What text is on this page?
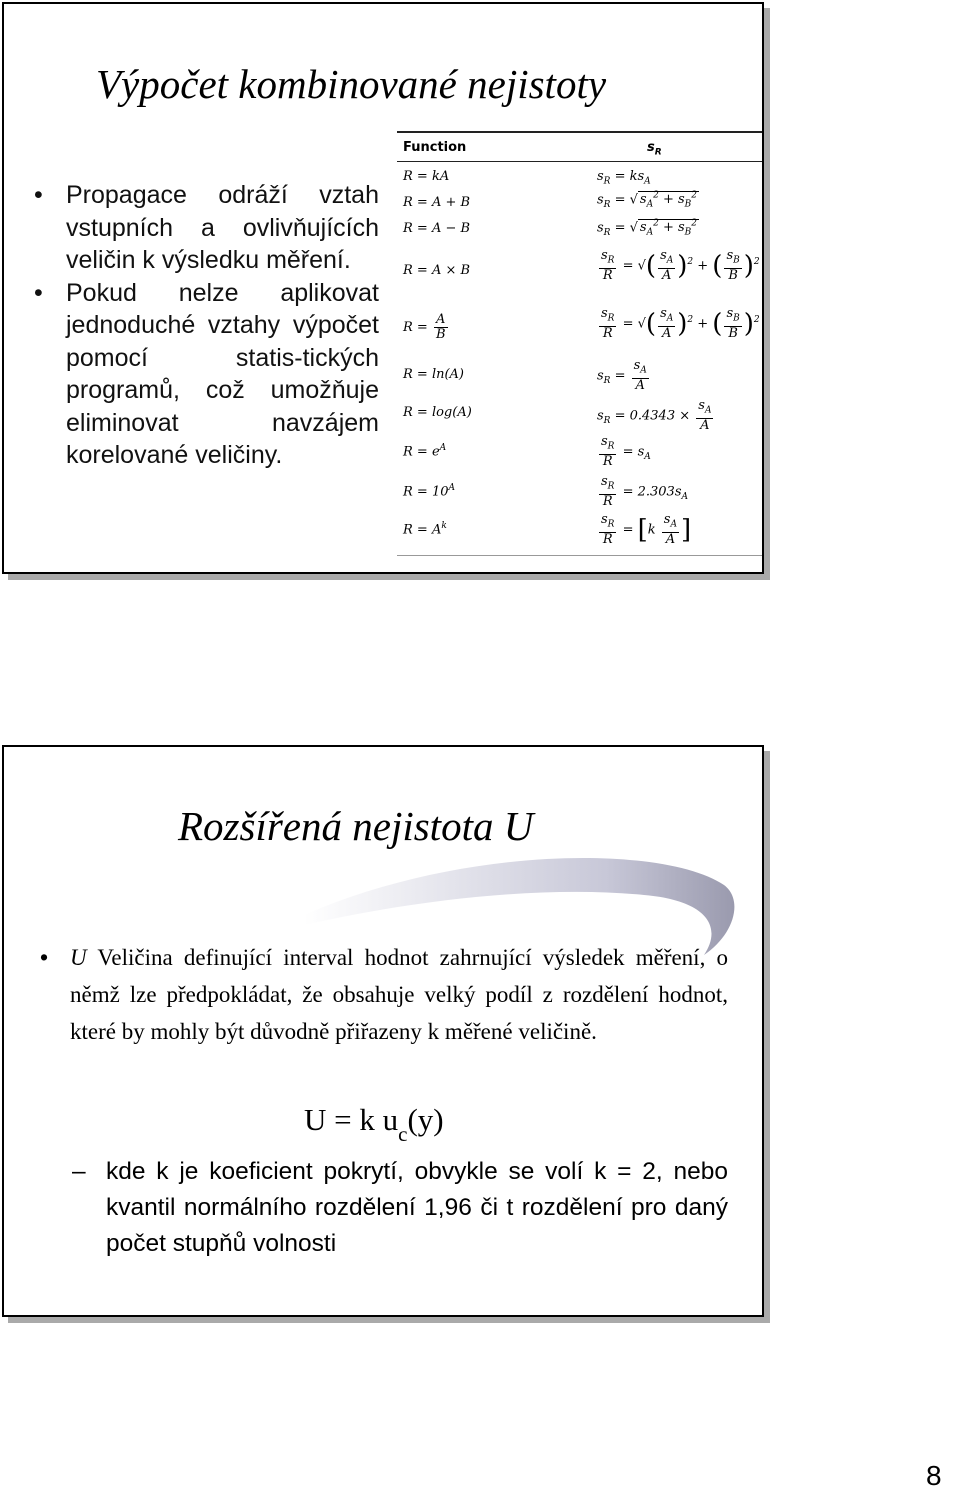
Výpočet kombinované nejistoty
• Propagace odráží vztah vstupních a ovlivňujících veličin k výsledku měření.
• Pokud nelze aplikovat jednoduché vztahy výpočet pomocí statis-tických programů, což umožňuje eliminovat navzájem korelované veličiny.
Function	$s_R$
R = kA	$s_R = ks_A$
R = A + B	$s_R$ = √ $s_A^2 + s_B^2$
R = A − B	$s_R$ = √ $s_A^2 + s_B^2$
R = A × B	$\frac{s_R}{R}$ = √( $\frac{s_A}{A} )^2$ + ( $\frac{s_B}{B} )^2$
$R = \frac{A}{B}$	$\frac{s_R}{R}$ = √( $\frac{s_A}{A} )^2$ + ( $\frac{s_B}{B} )^2$
R = ln(A)	$s_R = \frac{s_A}{A}$
R = log(A)	$s_R = 0.4343 \times \frac{s_A}{A}$
$R = e^A$	$\frac{s_R}{R} = s_A$
$R = 10^A$	$\frac{s_R}{R} = 2.303s_A$
$R = A^k$	$\frac{s_R}{R} = [k \frac{s_A}{A}$ ]
Rozšířená nejistota U
• U Veličina definující interval hodnot zahrnující výsledek měření, o němž lze předpokládat, že obsahuje velký podíl z rozdělení hodnot, které by mohly být důvodně přiřazeny k měřené veličině.
U = k $u_c(y)$
– kde k je koeficient pokrytí, obvykle se volí k = 2, nebo kvantil normálního rozdělení 1,96 či t rozdělení pro daný počet stupňů volnosti
8
